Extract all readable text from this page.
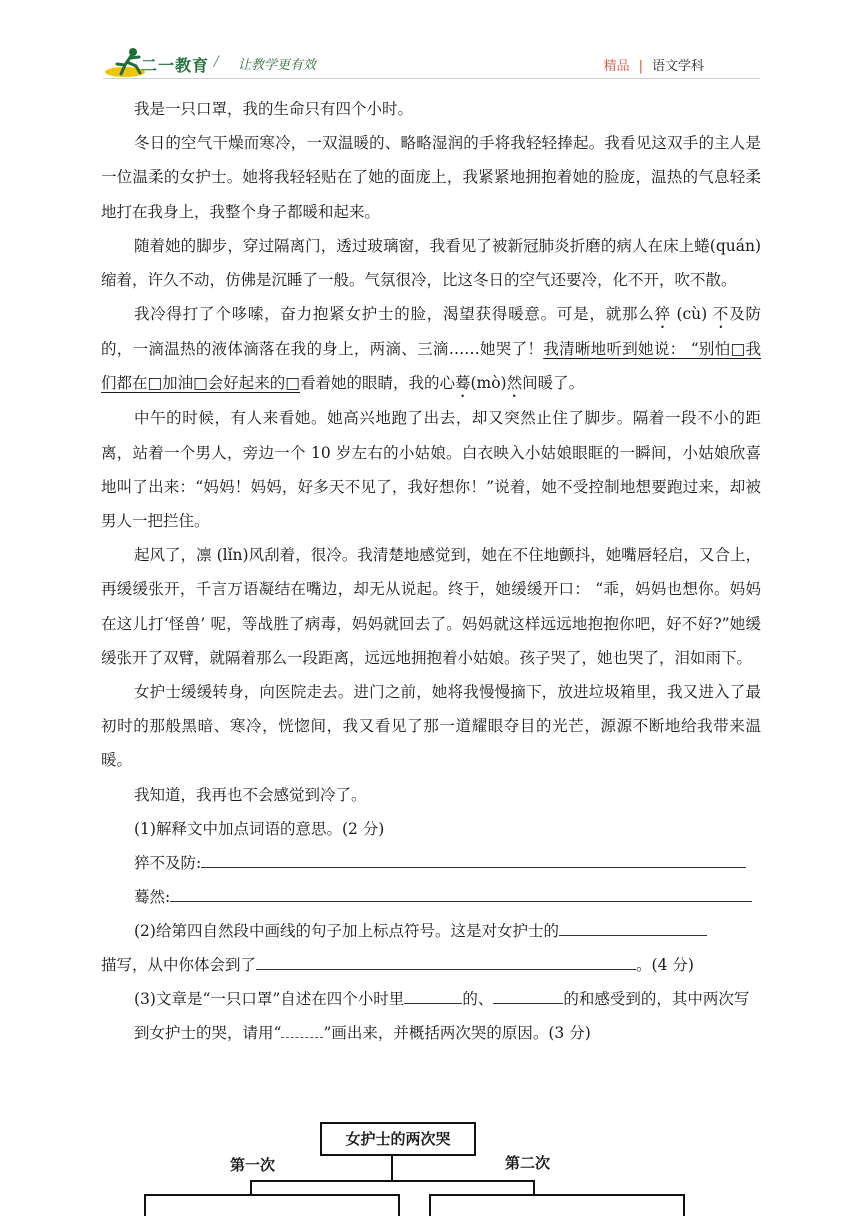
二一教育 / 让教学更有效	精品 | 语文学科

我是一只口罩，我的生命只有四个小时。

冬日的空气干燥而寒冷，一双温暖的、略略湿润的手将我轻轻捧起。我看见这双手的主人是一位温柔的女护士。她将我轻轻贴在了她的面庞上，我紧紧地拥抱着她的脸庞，温热的气息轻柔地打在我身上，我整个身子都暖和起来。

随着她的脚步，穿过隔离门，透过玻璃窗，我看见了被新冠肺炎折磨的病人在床上蜷(quán)缩着，许久不动，仿佛是沉睡了一般。气氛很冷，比这冬日的空气还要冷，化不开，吹不散。

我冷得打了个哆嗦，奋力抱紧女护士的脸，渴望获得暖意。可是，就那么猝 (cù) 不及防的，一滴温热的液体滴落在我的身上，两滴、三滴……她哭了！我清晰地听到她说： “别怕□我们都在□加油□会好起来的□看着她的眼睛，我的心蓦(mò)然间暖了。

中午的时候，有人来看她。她高兴地跑了出去，却又突然止住了脚步。隔着一段不小的距离，站着一个男人，旁边一个 10 岁左右的小姑娘。白衣映入小姑娘眼眶的一瞬间，小姑娘欣喜地叫了出来：“妈妈！妈妈，好多天不见了，我好想你！”说着，她不受控制地想要跑过来，却被男人一把拦住。

起风了，凛 (lǐn)风刮着，很冷。我清楚地感觉到，她在不住地颤抖，她嘴唇轻启，又合上，再缓缓张开，千言万语凝结在嘴边，却无从说起。终于，她缓缓开口： “乖，妈妈也想你。妈妈在这儿打‘怪兽’ 呢，等战胜了病毒，妈妈就回去了。妈妈就这样远远地抱抱你吧，好不好?”她缓缓张开了双臂，就隔着那么一段距离，远远地拥抱着小姑娘。孩子哭了，她也哭了，泪如雨下。

女护士缓缓转身，向医院走去。进门之前，她将我慢慢摘下，放进垃圾箱里，我又进入了最初时的那般黑暗、寒冷，恍惚间，我又看见了那一道耀眼夺目的光芒，源源不断地给我带来温暖。

我知道，我再也不会感觉到冷了。

(1)解释文中加点词语的意思。(2 分)

猝不及防:

蓦然:

(2)给第四自然段中画线的句子加上标点符号。这是对女护士的

描写，从中你体会到了	。(4 分)

(3)文章是“一只口罩”自述在四个小时里	的、	的和感受到的，其中两次写到女护士的哭，请用“	”画出来，并概括两次哭的原因。(3 分)

女护士的两次哭
第一次	第二次
